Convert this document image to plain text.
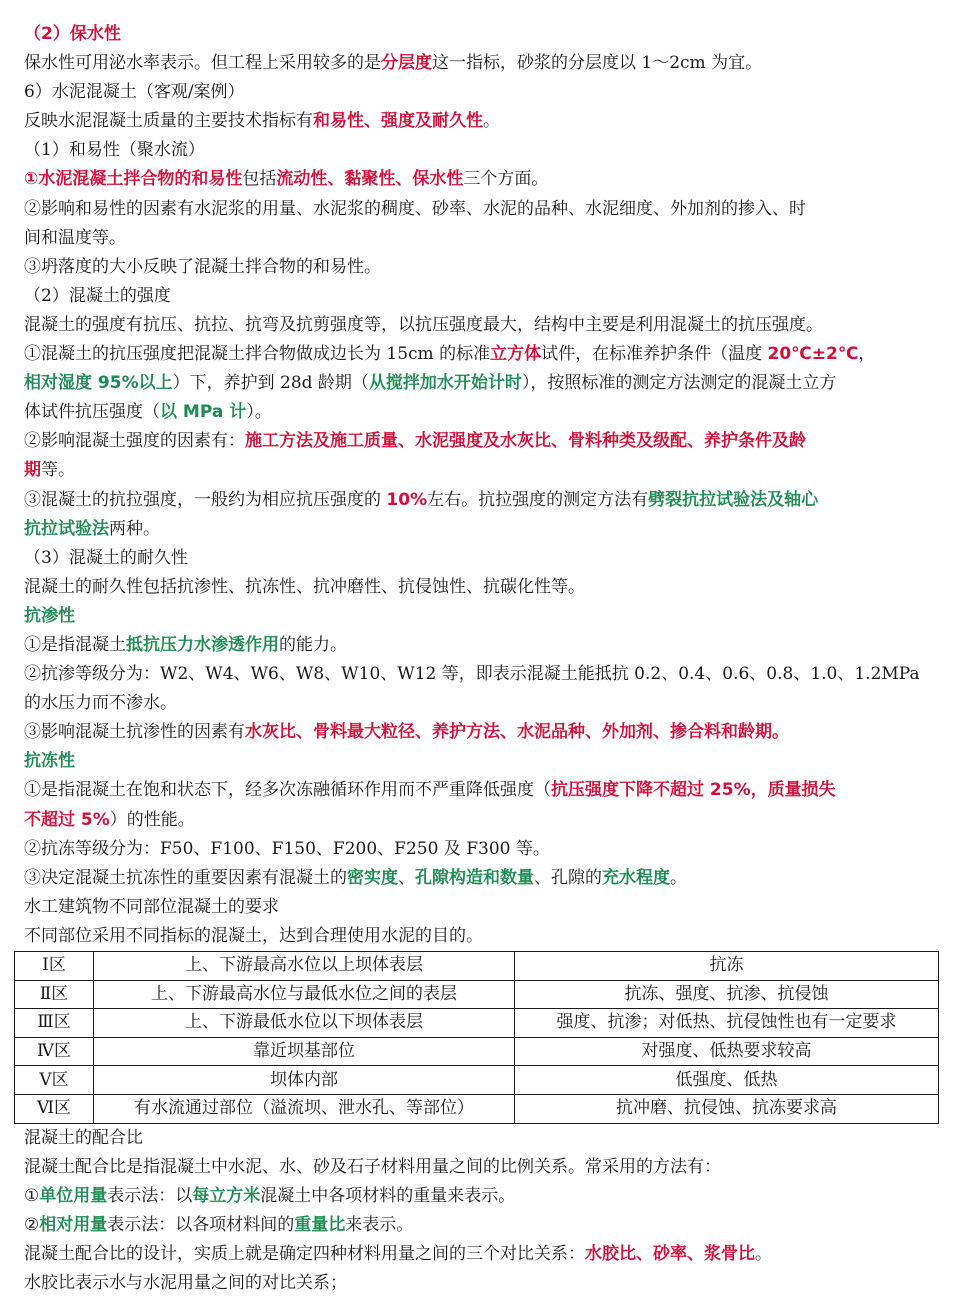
（2）保水性
保水性可用泌水率表示。但工程上采用较多的是分层度这一指标，砂浆的分层度以 1～2cm 为宜。
6）水泥混凝土（客观/案例）
反映水泥混凝土质量的主要技术指标有和易性、强度及耐久性。
（1）和易性（聚水流）
①水泥混凝土拌合物的和易性包括流动性、黏聚性、保水性三个方面。
②影响和易性的因素有水泥浆的用量、水泥浆的稠度、砂率、水泥的品种、水泥细度、外加剂的掺入、时
间和温度等。
③坍落度的大小反映了混凝土拌合物的和易性。
（2）混凝土的强度
混凝土的强度有抗压、抗拉、抗弯及抗剪强度等，以抗压强度最大，结构中主要是利用混凝土的抗压强度。
①混凝土的抗压强度把混凝土拌合物做成边长为 15cm 的标准立方体试件，在标准养护条件（温度 20℃±2℃，
相对湿度 95%以上）下，养护到 28d 龄期（从搅拌加水开始计时），按照标准的测定方法测定的混凝土立方
体试件抗压强度（以 MPa 计）。
②影响混凝土强度的因素有：施工方法及施工质量、水泥强度及水灰比、骨料种类及级配、养护条件及龄
期等。
③混凝土的抗拉强度，一般约为相应抗压强度的 10%左右。抗拉强度的测定方法有劈裂抗拉试验法及轴心
抗拉试验法两种。
（3）混凝土的耐久性
混凝土的耐久性包括抗渗性、抗冻性、抗冲磨性、抗侵蚀性、抗碳化性等。
抗渗性
①是指混凝土抵抗压力水渗透作用的能力。
②抗渗等级分为：W2、W4、W6、W8、W10、W12 等，即表示混凝土能抵抗 0.2、0.4、0.6、0.8、1.0、1.2MPa
的水压力而不渗水。
③影响混凝土抗渗性的因素有水灰比、骨料最大粒径、养护方法、水泥品种、外加剂、掺合料和龄期。
抗冻性
①是指混凝土在饱和状态下，经多次冻融循环作用而不严重降低强度（抗压强度下降不超过 25%，质量损失
不超过 5%）的性能。
②抗冻等级分为：F50、F100、F150、F200、F250 及 F300 等。
③决定混凝土抗冻性的重要因素有混凝土的密实度、孔隙构造和数量、孔隙的充水程度。
水工建筑物不同部位混凝土的要求
不同部位采用不同指标的混凝土，达到合理使用水泥的目的。
Ⅰ区	上、下游最高水位以上坝体表层	抗冻
Ⅱ区	上、下游最高水位与最低水位之间的表层	抗冻、强度、抗渗、抗侵蚀
Ⅲ区	上、下游最低水位以下坝体表层	强度、抗渗；对低热、抗侵蚀性也有一定要求
Ⅳ区	靠近坝基部位	对强度、低热要求较高
Ⅴ区	坝体内部	低强度、低热
Ⅵ区	有水流通过部位（溢流坝、泄水孔、等部位）	抗冲磨、抗侵蚀、抗冻要求高
混凝土的配合比
混凝土配合比是指混凝土中水泥、水、砂及石子材料用量之间的比例关系。常采用的方法有：
①单位用量表示法：以每立方米混凝土中各项材料的重量来表示。
②相对用量表示法：以各项材料间的重量比来表示。
混凝土配合比的设计，实质上就是确定四种材料用量之间的三个对比关系：水胶比、砂率、浆骨比。
水胶比表示水与水泥用量之间的对比关系；
